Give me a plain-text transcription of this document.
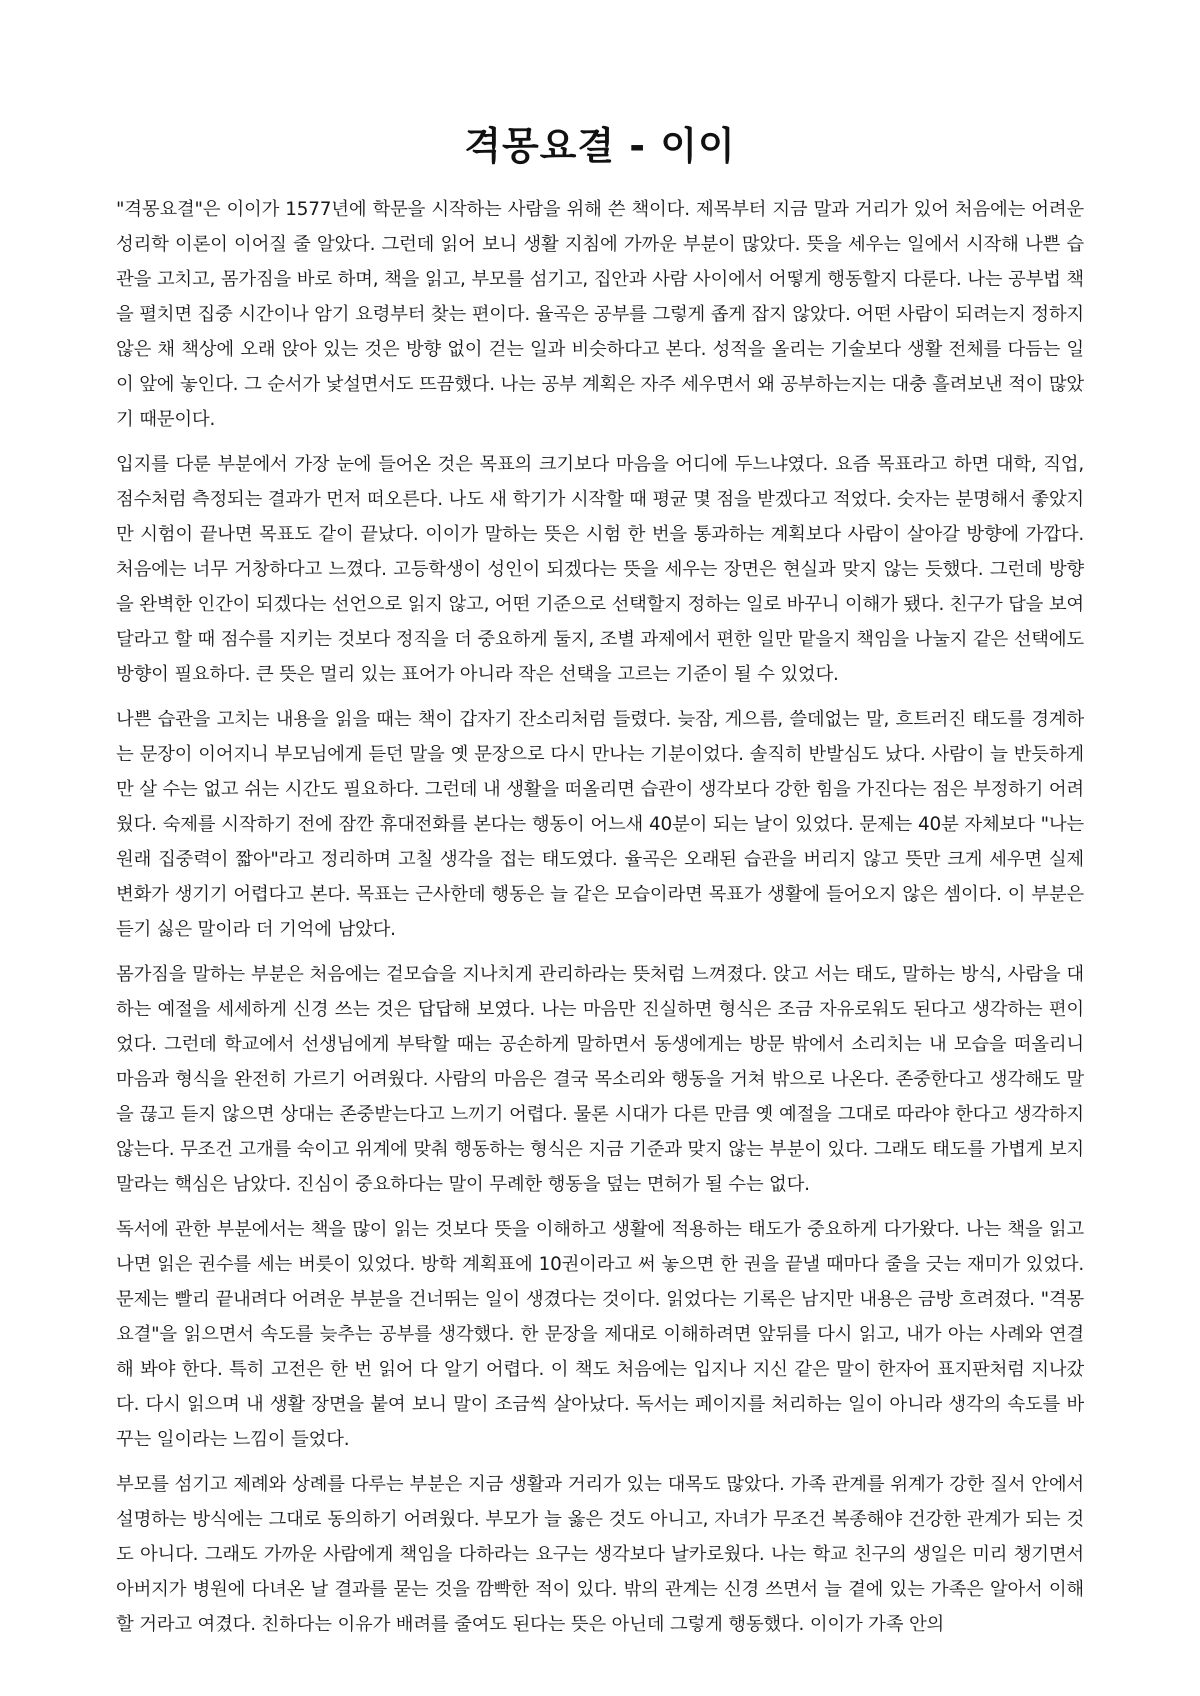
격몽요결 - 이이

"격몽요결"은 이이가 1577년에 학문을 시작하는 사람을 위해 쓴 책이다. 제목부터 지금 말과 거리가 있어 처음에는 어려운 성리학 이론이 이어질 줄 알았다. 그런데 읽어 보니 생활 지침에 가까운 부분이 많았다. 뜻을 세우는 일에서 시작해 나쁜 습관을 고치고, 몸가짐을 바로 하며, 책을 읽고, 부모를 섬기고, 집안과 사람 사이에서 어떻게 행동할지 다룬다. 나는 공부법 책을 펼치면 집중 시간이나 암기 요령부터 찾는 편이다. 율곡은 공부를 그렇게 좁게 잡지 않았다. 어떤 사람이 되려는지 정하지 않은 채 책상에 오래 앉아 있는 것은 방향 없이 걷는 일과 비슷하다고 본다. 성적을 올리는 기술보다 생활 전체를 다듬는 일이 앞에 놓인다. 그 순서가 낯설면서도 뜨끔했다. 나는 공부 계획은 자주 세우면서 왜 공부하는지는 대충 흘려보낸 적이 많았기 때문이다.

입지를 다룬 부분에서 가장 눈에 들어온 것은 목표의 크기보다 마음을 어디에 두느냐였다. 요즘 목표라고 하면 대학, 직업, 점수처럼 측정되는 결과가 먼저 떠오른다. 나도 새 학기가 시작할 때 평균 몇 점을 받겠다고 적었다. 숫자는 분명해서 좋았지만 시험이 끝나면 목표도 같이 끝났다. 이이가 말하는 뜻은 시험 한 번을 통과하는 계획보다 사람이 살아갈 방향에 가깝다. 처음에는 너무 거창하다고 느꼈다. 고등학생이 성인이 되겠다는 뜻을 세우는 장면은 현실과 맞지 않는 듯했다. 그런데 방향을 완벽한 인간이 되겠다는 선언으로 읽지 않고, 어떤 기준으로 선택할지 정하는 일로 바꾸니 이해가 됐다. 친구가 답을 보여 달라고 할 때 점수를 지키는 것보다 정직을 더 중요하게 둘지, 조별 과제에서 편한 일만 맡을지 책임을 나눌지 같은 선택에도 방향이 필요하다. 큰 뜻은 멀리 있는 표어가 아니라 작은 선택을 고르는 기준이 될 수 있었다.

나쁜 습관을 고치는 내용을 읽을 때는 책이 갑자기 잔소리처럼 들렸다. 늦잠, 게으름, 쓸데없는 말, 흐트러진 태도를 경계하는 문장이 이어지니 부모님에게 듣던 말을 옛 문장으로 다시 만나는 기분이었다. 솔직히 반발심도 났다. 사람이 늘 반듯하게만 살 수는 없고 쉬는 시간도 필요하다. 그런데 내 생활을 떠올리면 습관이 생각보다 강한 힘을 가진다는 점은 부정하기 어려웠다. 숙제를 시작하기 전에 잠깐 휴대전화를 본다는 행동이 어느새 40분이 되는 날이 있었다. 문제는 40분 자체보다 "나는 원래 집중력이 짧아"라고 정리하며 고칠 생각을 접는 태도였다. 율곡은 오래된 습관을 버리지 않고 뜻만 크게 세우면 실제 변화가 생기기 어렵다고 본다. 목표는 근사한데 행동은 늘 같은 모습이라면 목표가 생활에 들어오지 않은 셈이다. 이 부분은 듣기 싫은 말이라 더 기억에 남았다.

몸가짐을 말하는 부분은 처음에는 겉모습을 지나치게 관리하라는 뜻처럼 느껴졌다. 앉고 서는 태도, 말하는 방식, 사람을 대하는 예절을 세세하게 신경 쓰는 것은 답답해 보였다. 나는 마음만 진실하면 형식은 조금 자유로워도 된다고 생각하는 편이었다. 그런데 학교에서 선생님에게 부탁할 때는 공손하게 말하면서 동생에게는 방문 밖에서 소리치는 내 모습을 떠올리니 마음과 형식을 완전히 가르기 어려웠다. 사람의 마음은 결국 목소리와 행동을 거쳐 밖으로 나온다. 존중한다고 생각해도 말을 끊고 듣지 않으면 상대는 존중받는다고 느끼기 어렵다. 물론 시대가 다른 만큼 옛 예절을 그대로 따라야 한다고 생각하지 않는다. 무조건 고개를 숙이고 위계에 맞춰 행동하는 형식은 지금 기준과 맞지 않는 부분이 있다. 그래도 태도를 가볍게 보지 말라는 핵심은 남았다. 진심이 중요하다는 말이 무례한 행동을 덮는 면허가 될 수는 없다.

독서에 관한 부분에서는 책을 많이 읽는 것보다 뜻을 이해하고 생활에 적용하는 태도가 중요하게 다가왔다. 나는 책을 읽고 나면 읽은 권수를 세는 버릇이 있었다. 방학 계획표에 10권이라고 써 놓으면 한 권을 끝낼 때마다 줄을 긋는 재미가 있었다. 문제는 빨리 끝내려다 어려운 부분을 건너뛰는 일이 생겼다는 것이다. 읽었다는 기록은 남지만 내용은 금방 흐려졌다. "격몽요결"을 읽으면서 속도를 늦추는 공부를 생각했다. 한 문장을 제대로 이해하려면 앞뒤를 다시 읽고, 내가 아는 사례와 연결해 봐야 한다. 특히 고전은 한 번 읽어 다 알기 어렵다. 이 책도 처음에는 입지나 지신 같은 말이 한자어 표지판처럼 지나갔다. 다시 읽으며 내 생활 장면을 붙여 보니 말이 조금씩 살아났다. 독서는 페이지를 처리하는 일이 아니라 생각의 속도를 바꾸는 일이라는 느낌이 들었다.

부모를 섬기고 제례와 상례를 다루는 부분은 지금 생활과 거리가 있는 대목도 많았다. 가족 관계를 위계가 강한 질서 안에서 설명하는 방식에는 그대로 동의하기 어려웠다. 부모가 늘 옳은 것도 아니고, 자녀가 무조건 복종해야 건강한 관계가 되는 것도 아니다. 그래도 가까운 사람에게 책임을 다하라는 요구는 생각보다 날카로웠다. 나는 학교 친구의 생일은 미리 챙기면서 아버지가 병원에 다녀온 날 결과를 묻는 것을 깜빡한 적이 있다. 밖의 관계는 신경 쓰면서 늘 곁에 있는 가족은 알아서 이해할 거라고 여겼다. 친하다는 이유가 배려를 줄여도 된다는 뜻은 아닌데 그렇게 행동했다. 이이가 가족 안의
